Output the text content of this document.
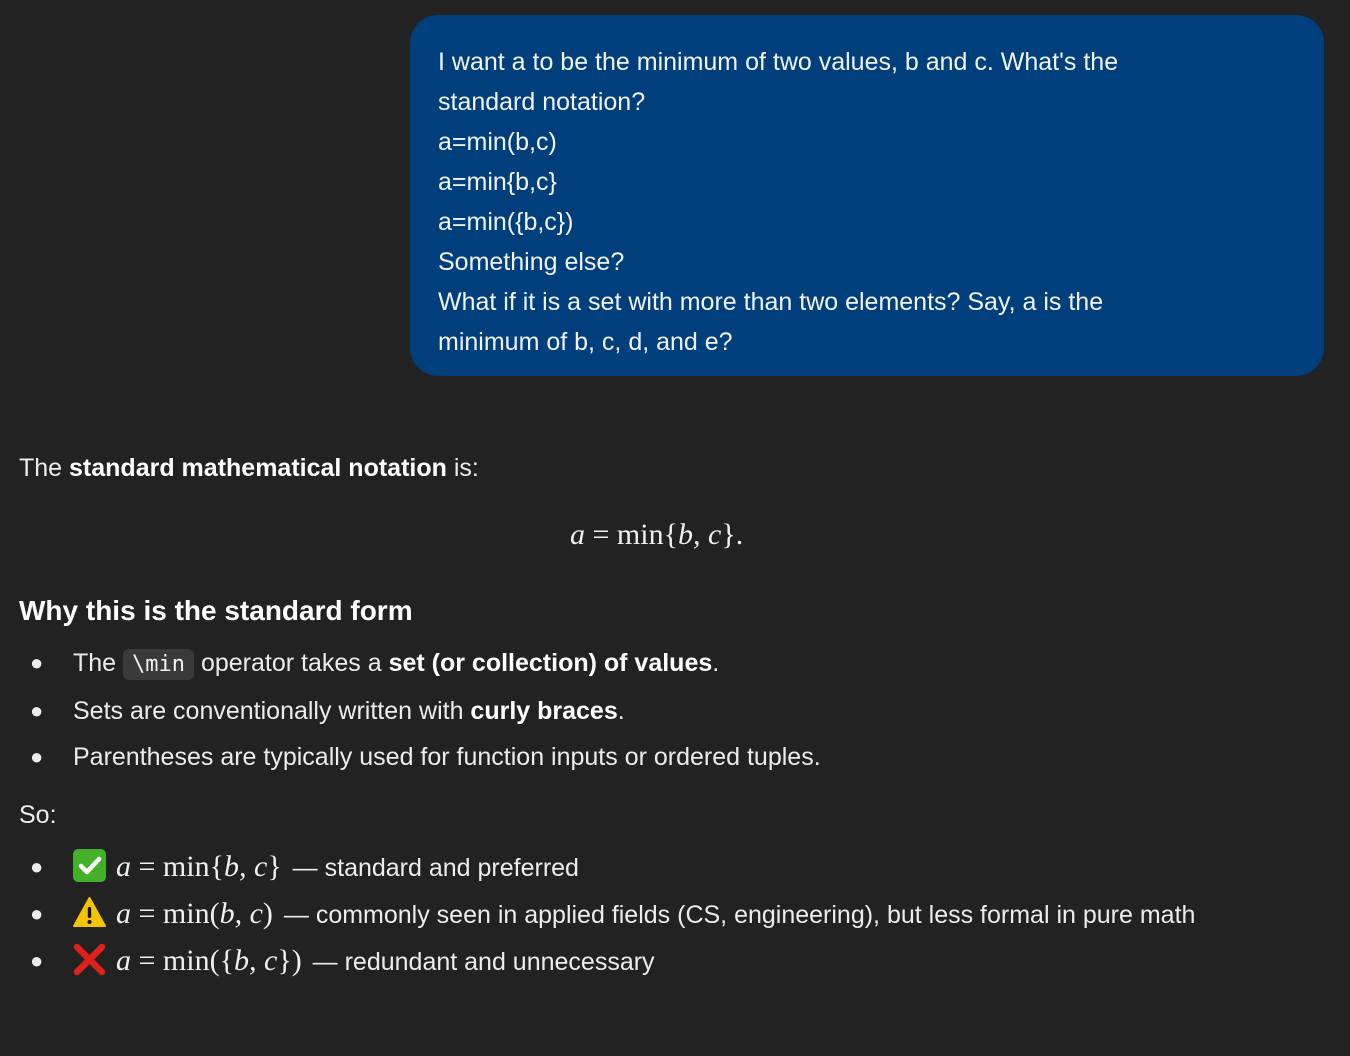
I want a to be the minimum of two values, b and c. What's the
standard notation?
a=min(b,c)
a=min{b,c}
a=min({b,c})
Something else?
What if it is a set with more than two elements? Say, a is the
minimum of b, c, d, and e?
The standard mathematical notation is:
a = min{b, c}.
Why this is the standard form
● The \min operator takes a set (or collection) of values.
● Sets are conventionally written with curly braces.
● Parentheses are typically used for function inputs or ordered tuples.
So:
● a = min{b, c} — standard and preferred
● a = min(b, c) — commonly seen in applied fields (CS, engineering), but less formal in pure math
● a = min({b, c}) — redundant and unnecessary
